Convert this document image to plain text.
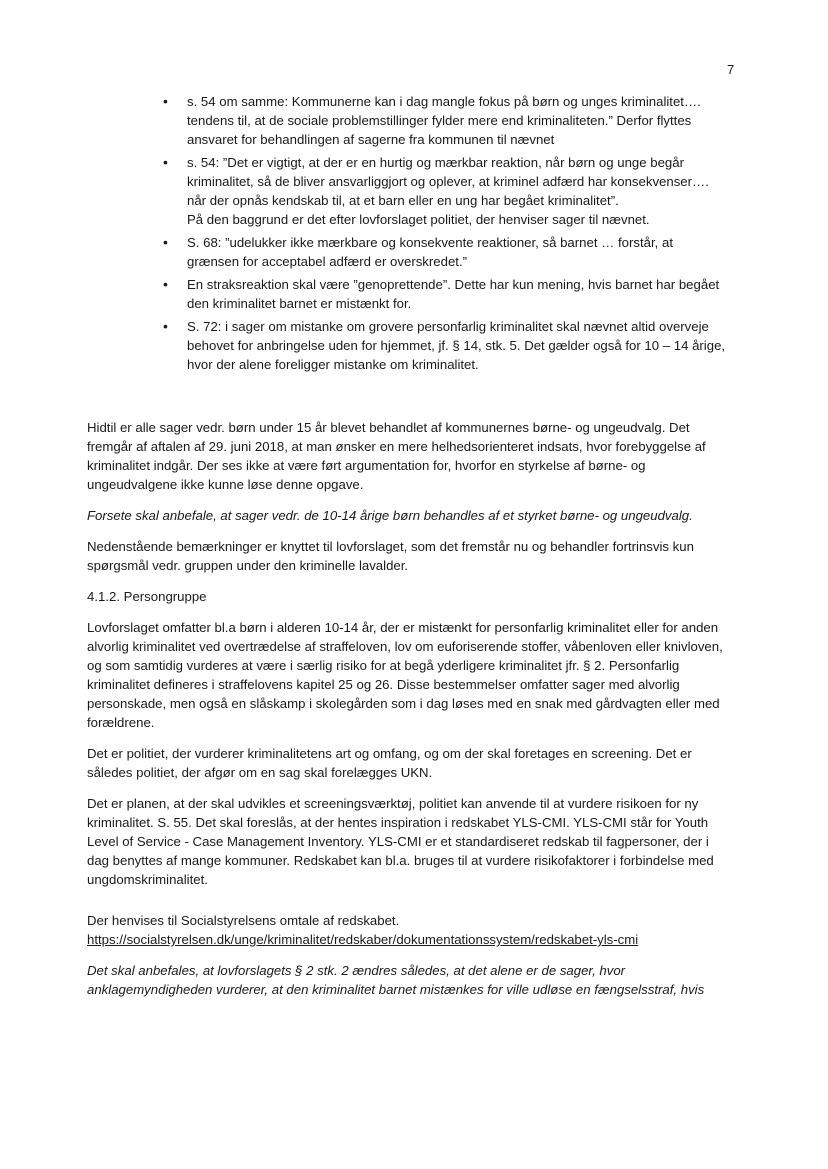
7
• s. 54 om samme: Kommunerne kan i dag mangle fokus på børn og unges kriminalitet…. tendens til, at de sociale problemstillinger fylder mere end kriminaliteten.” Derfor flyttes ansvaret for behandlingen af sagerne fra kommunen til nævnet
• s. 54: ”Det er vigtigt, at der er en hurtig og mærkbar reaktion, når børn og unge begår kriminalitet, så de bliver ansvarliggjort og oplever, at kriminel adfærd har konsekvenser…. når der opnås kendskab til, at et barn eller en ung har begået kriminalitet”.
På den baggrund er det efter lovforslaget politiet, der henviser sager til nævnet.
• S. 68: ”udelukker ikke mærkbare og konsekvente reaktioner, så barnet … forstår, at grænsen for acceptabel adfærd er overskredet.”
• En straksreaktion skal være ”genoprettende”. Dette har kun mening, hvis barnet har begået den kriminalitet barnet er mistænkt for.
• S. 72: i sager om mistanke om grovere personfarlig kriminalitet skal nævnet altid overveje behovet for anbringelse uden for hjemmet, jf. § 14, stk. 5. Det gælder også for 10 – 14 årige, hvor der alene foreligger mistanke om kriminalitet.

Hidtil er alle sager vedr. børn under 15 år blevet behandlet af kommunernes børne- og ungeudvalg. Det fremgår af aftalen af 29. juni 2018, at man ønsker en mere helhedsorienteret indsats, hvor forebyggelse af kriminalitet indgår. Der ses ikke at være ført argumentation for, hvorfor en styrkelse af børne- og ungeudvalgene ikke kunne løse denne opgave.

Forsete skal anbefale, at sager vedr. de 10-14 årige børn behandles af et styrket børne- og ungeudvalg.

Nedenstående bemærkninger er knyttet til lovforslaget, som det fremstår nu og behandler fortrinsvis kun spørgsmål vedr. gruppen under den kriminelle lavalder.

4.1.2. Persongruppe

Lovforslaget omfatter bl.a børn i alderen 10-14 år, der er mistænkt for personfarlig kriminalitet eller for anden alvorlig kriminalitet ved overtrædelse af straffeloven, lov om euforiserende stoffer, våbenloven eller knivloven, og som samtidig vurderes at være i særlig risiko for at begå yderligere kriminalitet jfr. § 2. Personfarlig kriminalitet defineres i straffelovens kapitel 25 og 26. Disse bestemmelser omfatter sager med alvorlig personskade, men også en slåskamp i skolegården som i dag løses med en snak med gårdvagten eller med forældrene.

Det er politiet, der vurderer kriminalitetens art og omfang, og om der skal foretages en screening. Det er således politiet, der afgør om en sag skal forelægges UKN.

Det er planen, at der skal udvikles et screeningsværktøj, politiet kan anvende til at vurdere risikoen for ny kriminalitet. S. 55. Det skal foreslås, at der hentes inspiration i redskabet YLS-CMI. YLS-CMI står for Youth Level of Service - Case Management Inventory. YLS-CMI er et standardiseret redskab til fagpersoner, der i dag benyttes af mange kommuner. Redskabet kan bl.a. bruges til at vurdere risikofaktorer i forbindelse med ungdomskriminalitet.

Der henvises til Socialstyrelsens omtale af redskabet.

https://socialstyrelsen.dk/unge/kriminalitet/redskaber/dokumentationssystem/redskabet-yls-cmi

Det skal anbefales, at lovforslagets § 2 stk. 2 ændres således, at det alene er de sager, hvor anklagemyndigheden vurderer, at den kriminalitet barnet mistænkes for ville udløse en fængselsstraf, hvis
